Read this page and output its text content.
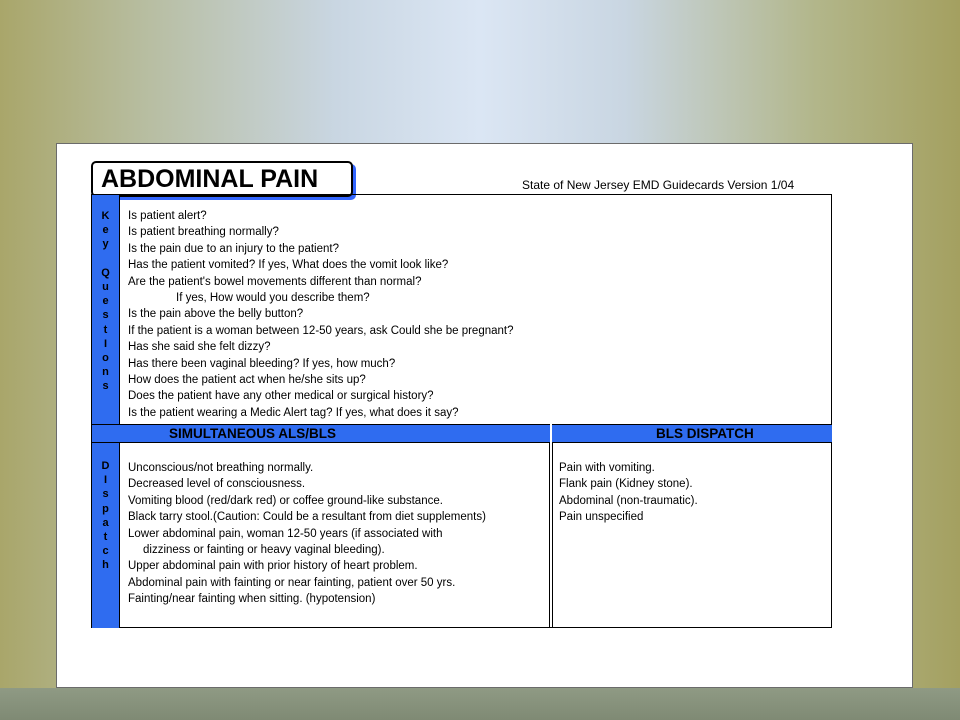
ABDOMINAL PAIN	State of New Jersey EMD Guidecards Version 1/04
K
e
y
Q
u
e
s
t
I
o
n
s
Is patient alert?
Is patient breathing normally?
Is the pain due to an injury to the patient?
Has the patient vomited? If yes, What does the vomit look like?
Are the patient's bowel movements different than normal?
If yes, How would you describe them?
Is the pain above the belly button?
If the patient is a woman between 12-50 years, ask Could she be pregnant?
Has she said she felt dizzy?
Has there been vaginal bleeding? If yes, how much?
How does the patient act when he/she sits up?
Does the patient have any other medical or surgical history?
Is the patient wearing a Medic Alert tag? If yes, what does it say?
SIMULTANEOUS ALS/BLS	BLS DISPATCH
D
I
s
p
a
t
c
h
Unconscious/not breathing normally.
Decreased level of consciousness.
Vomiting blood (red/dark red) or coffee ground-like substance.
Black tarry stool.(Caution: Could be a resultant from diet supplements)
Lower abdominal pain, woman 12-50 years (if associated with
dizziness or fainting or heavy vaginal bleeding).
Upper abdominal pain with prior history of heart problem.
Abdominal pain with fainting or near fainting, patient over 50 yrs.
Fainting/near fainting when sitting. (hypotension)
Pain with vomiting.
Flank pain (Kidney stone).
Abdominal (non-traumatic).
Pain unspecified
